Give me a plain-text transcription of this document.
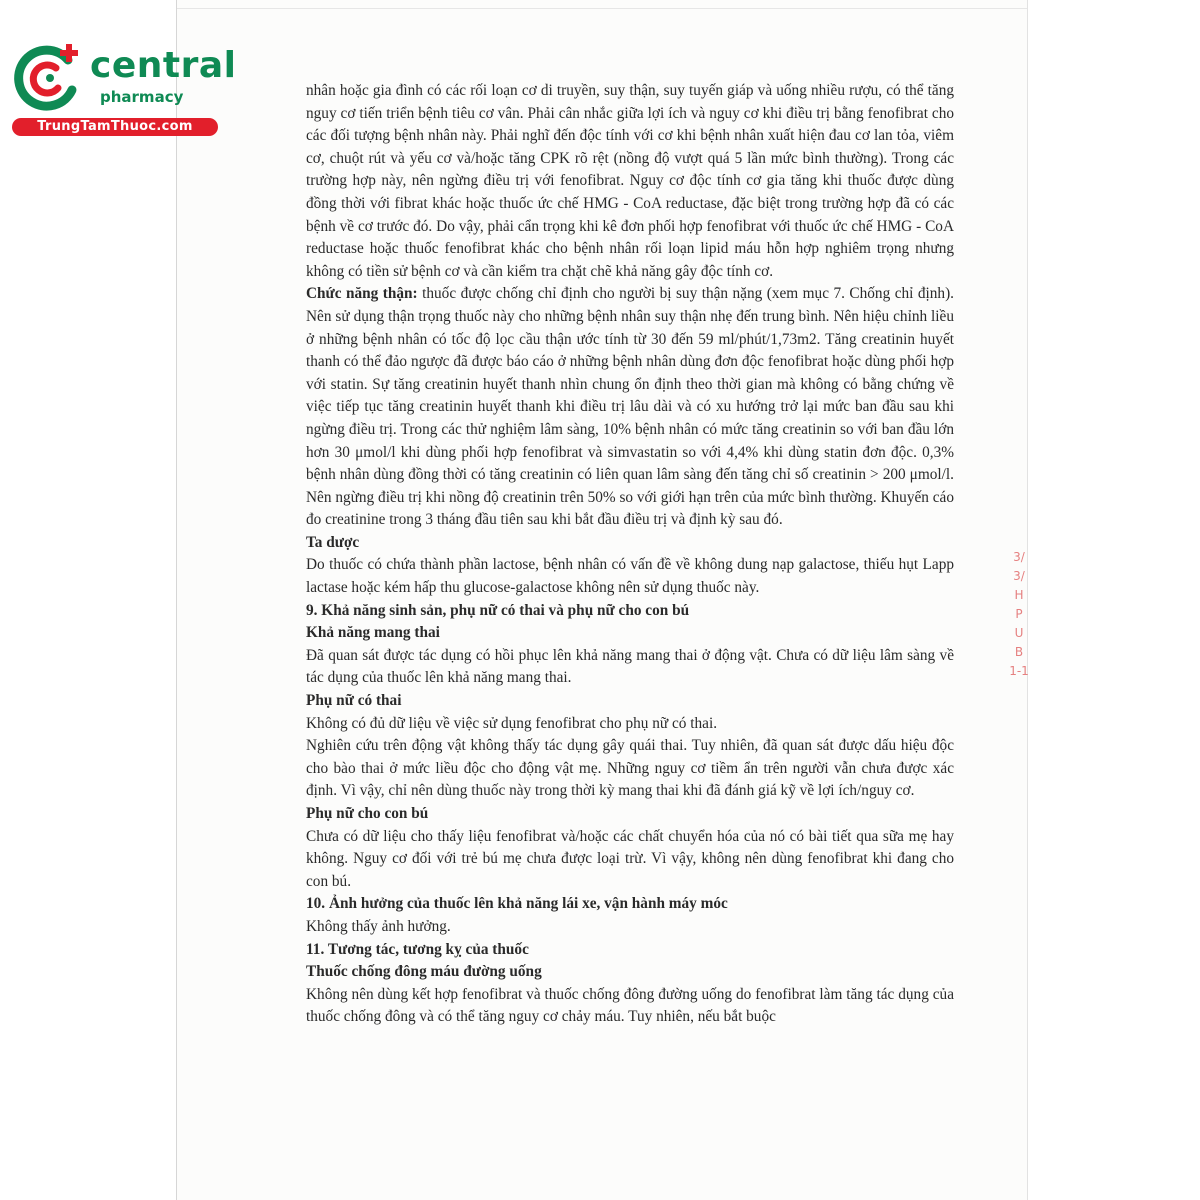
central
pharmacy
TrungTamThuoc.com

nhân hoặc gia đình có các rối loạn cơ di truyền, suy thận, suy tuyến giáp và uống nhiều rượu, có thể tăng nguy cơ tiến triển bệnh tiêu cơ vân. Phải cân nhắc giữa lợi ích và nguy cơ khi điều trị bằng fenofibrat cho các đối tượng bệnh nhân này. Phải nghĩ đến độc tính với cơ khi bệnh nhân xuất hiện đau cơ lan tỏa, viêm cơ, chuột rút và yếu cơ và/hoặc tăng CPK rõ rệt (nồng độ vượt quá 5 lần mức bình thường). Trong các trường hợp này, nên ngừng điều trị với fenofibrat. Nguy cơ độc tính cơ gia tăng khi thuốc được dùng đồng thời với fibrat khác hoặc thuốc ức chế HMG - CoA reductase, đặc biệt trong trường hợp đã có các bệnh về cơ trước đó. Do vậy, phải cẩn trọng khi kê đơn phối hợp fenofibrat với thuốc ức chế HMG - CoA reductase hoặc thuốc fenofibrat khác cho bệnh nhân rối loạn lipid máu hỗn hợp nghiêm trọng nhưng không có tiền sử bệnh cơ và cần kiểm tra chặt chẽ khả năng gây độc tính cơ.

Chức năng thận: thuốc được chống chỉ định cho người bị suy thận nặng (xem mục 7. Chống chỉ định). Nên sử dụng thận trọng thuốc này cho những bệnh nhân suy thận nhẹ đến trung bình. Nên hiệu chỉnh liều ở những bệnh nhân có tốc độ lọc cầu thận ước tính từ 30 đến 59 ml/phút/1,73m2. Tăng creatinin huyết thanh có thể đảo ngược đã được báo cáo ở những bệnh nhân dùng đơn độc fenofibrat hoặc dùng phối hợp với statin. Sự tăng creatinin huyết thanh nhìn chung ổn định theo thời gian mà không có bằng chứng về việc tiếp tục tăng creatinin huyết thanh khi điều trị lâu dài và có xu hướng trở lại mức ban đầu sau khi ngừng điều trị. Trong các thử nghiệm lâm sàng, 10% bệnh nhân có mức tăng creatinin so với ban đầu lớn hơn 30 μmol/l khi dùng phối hợp fenofibrat và simvastatin so với 4,4% khi dùng statin đơn độc. 0,3% bệnh nhân dùng đồng thời có tăng creatinin có liên quan lâm sàng đến tăng chỉ số creatinin > 200 μmol/l. Nên ngừng điều trị khi nồng độ creatinin trên 50% so với giới hạn trên của mức bình thường. Khuyến cáo đo creatinine trong 3 tháng đầu tiên sau khi bắt đầu điều trị và định kỳ sau đó.

Ta dược

Do thuốc có chứa thành phần lactose, bệnh nhân có vấn đề về không dung nạp galactose, thiếu hụt Lapp lactase hoặc kém hấp thu glucose-galactose không nên sử dụng thuốc này.

9. Khả năng sinh sản, phụ nữ có thai và phụ nữ cho con bú
Khả năng mang thai

Đã quan sát được tác dụng có hồi phục lên khả năng mang thai ở động vật. Chưa có dữ liệu lâm sàng về tác dụng của thuốc lên khả năng mang thai.

Phụ nữ có thai

Không có đủ dữ liệu về việc sử dụng fenofibrat cho phụ nữ có thai.

Nghiên cứu trên động vật không thấy tác dụng gây quái thai. Tuy nhiên, đã quan sát được dấu hiệu độc cho bào thai ở mức liều độc cho động vật mẹ. Những nguy cơ tiềm ẩn trên người vẫn chưa được xác định. Vì vậy, chỉ nên dùng thuốc này trong thời kỳ mang thai khi đã đánh giá kỹ về lợi ích/nguy cơ.

Phụ nữ cho con bú

Chưa có dữ liệu cho thấy liệu fenofibrat và/hoặc các chất chuyển hóa của nó có bài tiết qua sữa mẹ hay không. Nguy cơ đối với trẻ bú mẹ chưa được loại trừ. Vì vậy, không nên dùng fenofibrat khi đang cho con bú.

10. Ảnh hưởng của thuốc lên khả năng lái xe, vận hành máy móc

Không thấy ảnh hưởng.

11. Tương tác, tương kỵ của thuốc
Thuốc chống đông máu đường uống

Không nên dùng kết hợp fenofibrat và thuốc chống đông đường uống do fenofibrat làm tăng tác dụng của thuốc chống đông và có thể tăng nguy cơ chảy máu. Tuy nhiên, nếu bắt buộc

3/
3/
H
P
U
B
1-1
